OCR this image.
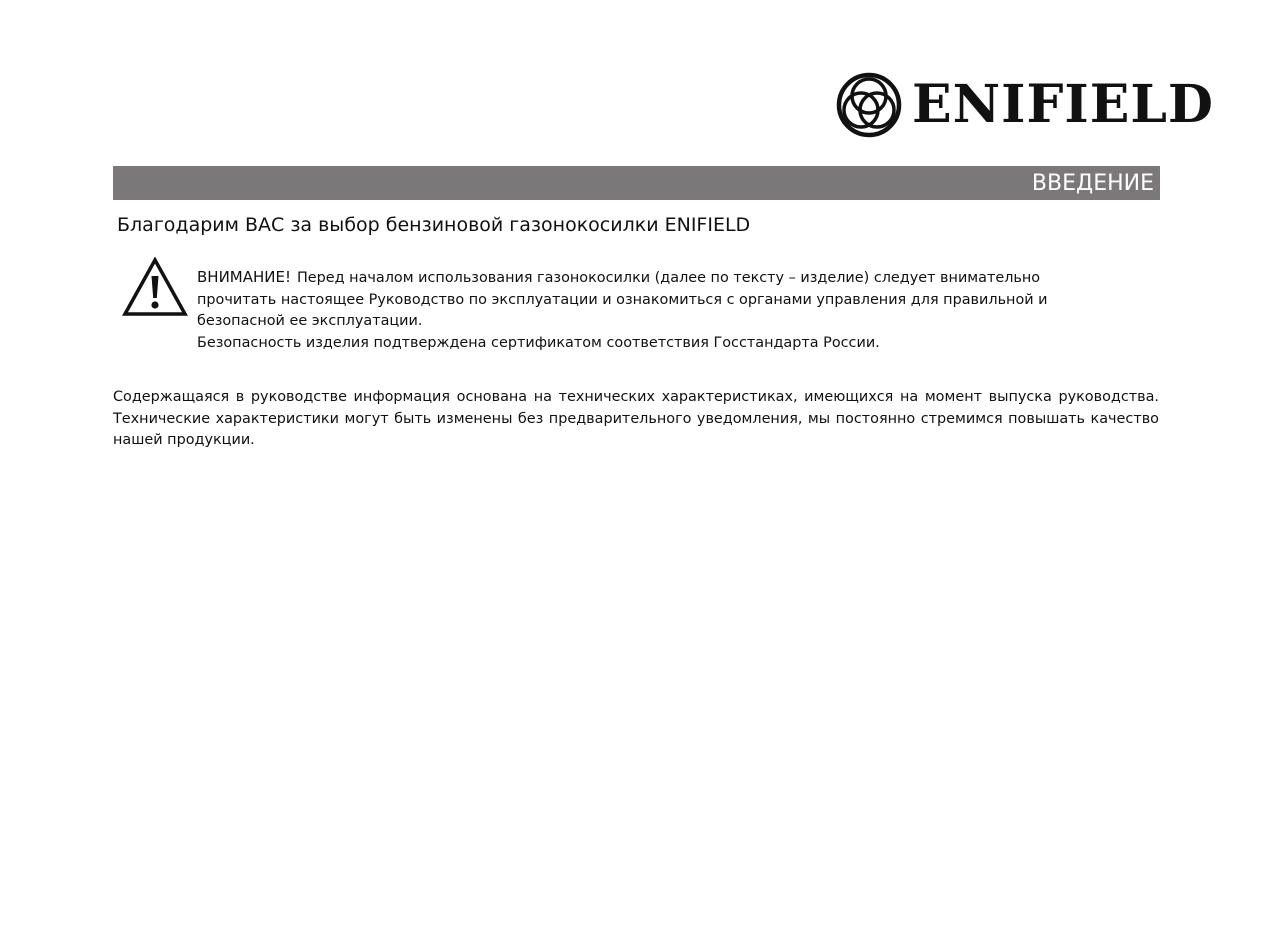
ENIFIELD
ВВЕДЕНИЕ
Благодарим ВАС за выбор бензиновой газонокосилки ENIFIELD
ВНИМАНИЕ! Перед началом использования газонокосилки (далее по тексту – изделие) следует внимательно
прочитать настоящее Руководство по эксплуатации и ознакомиться с органами управления для правильной и
безопасной ее эксплуатации.
Безопасность изделия подтверждена сертификатом соответствия Госстандарта России.
Содержащаяся в руководстве информация основана на технических характеристиках, имеющихся на момент выпуска руководства. Технические характеристики могут быть изменены без предварительного уведомления, мы постоянно стремимся повышать качество нашей продукции.
